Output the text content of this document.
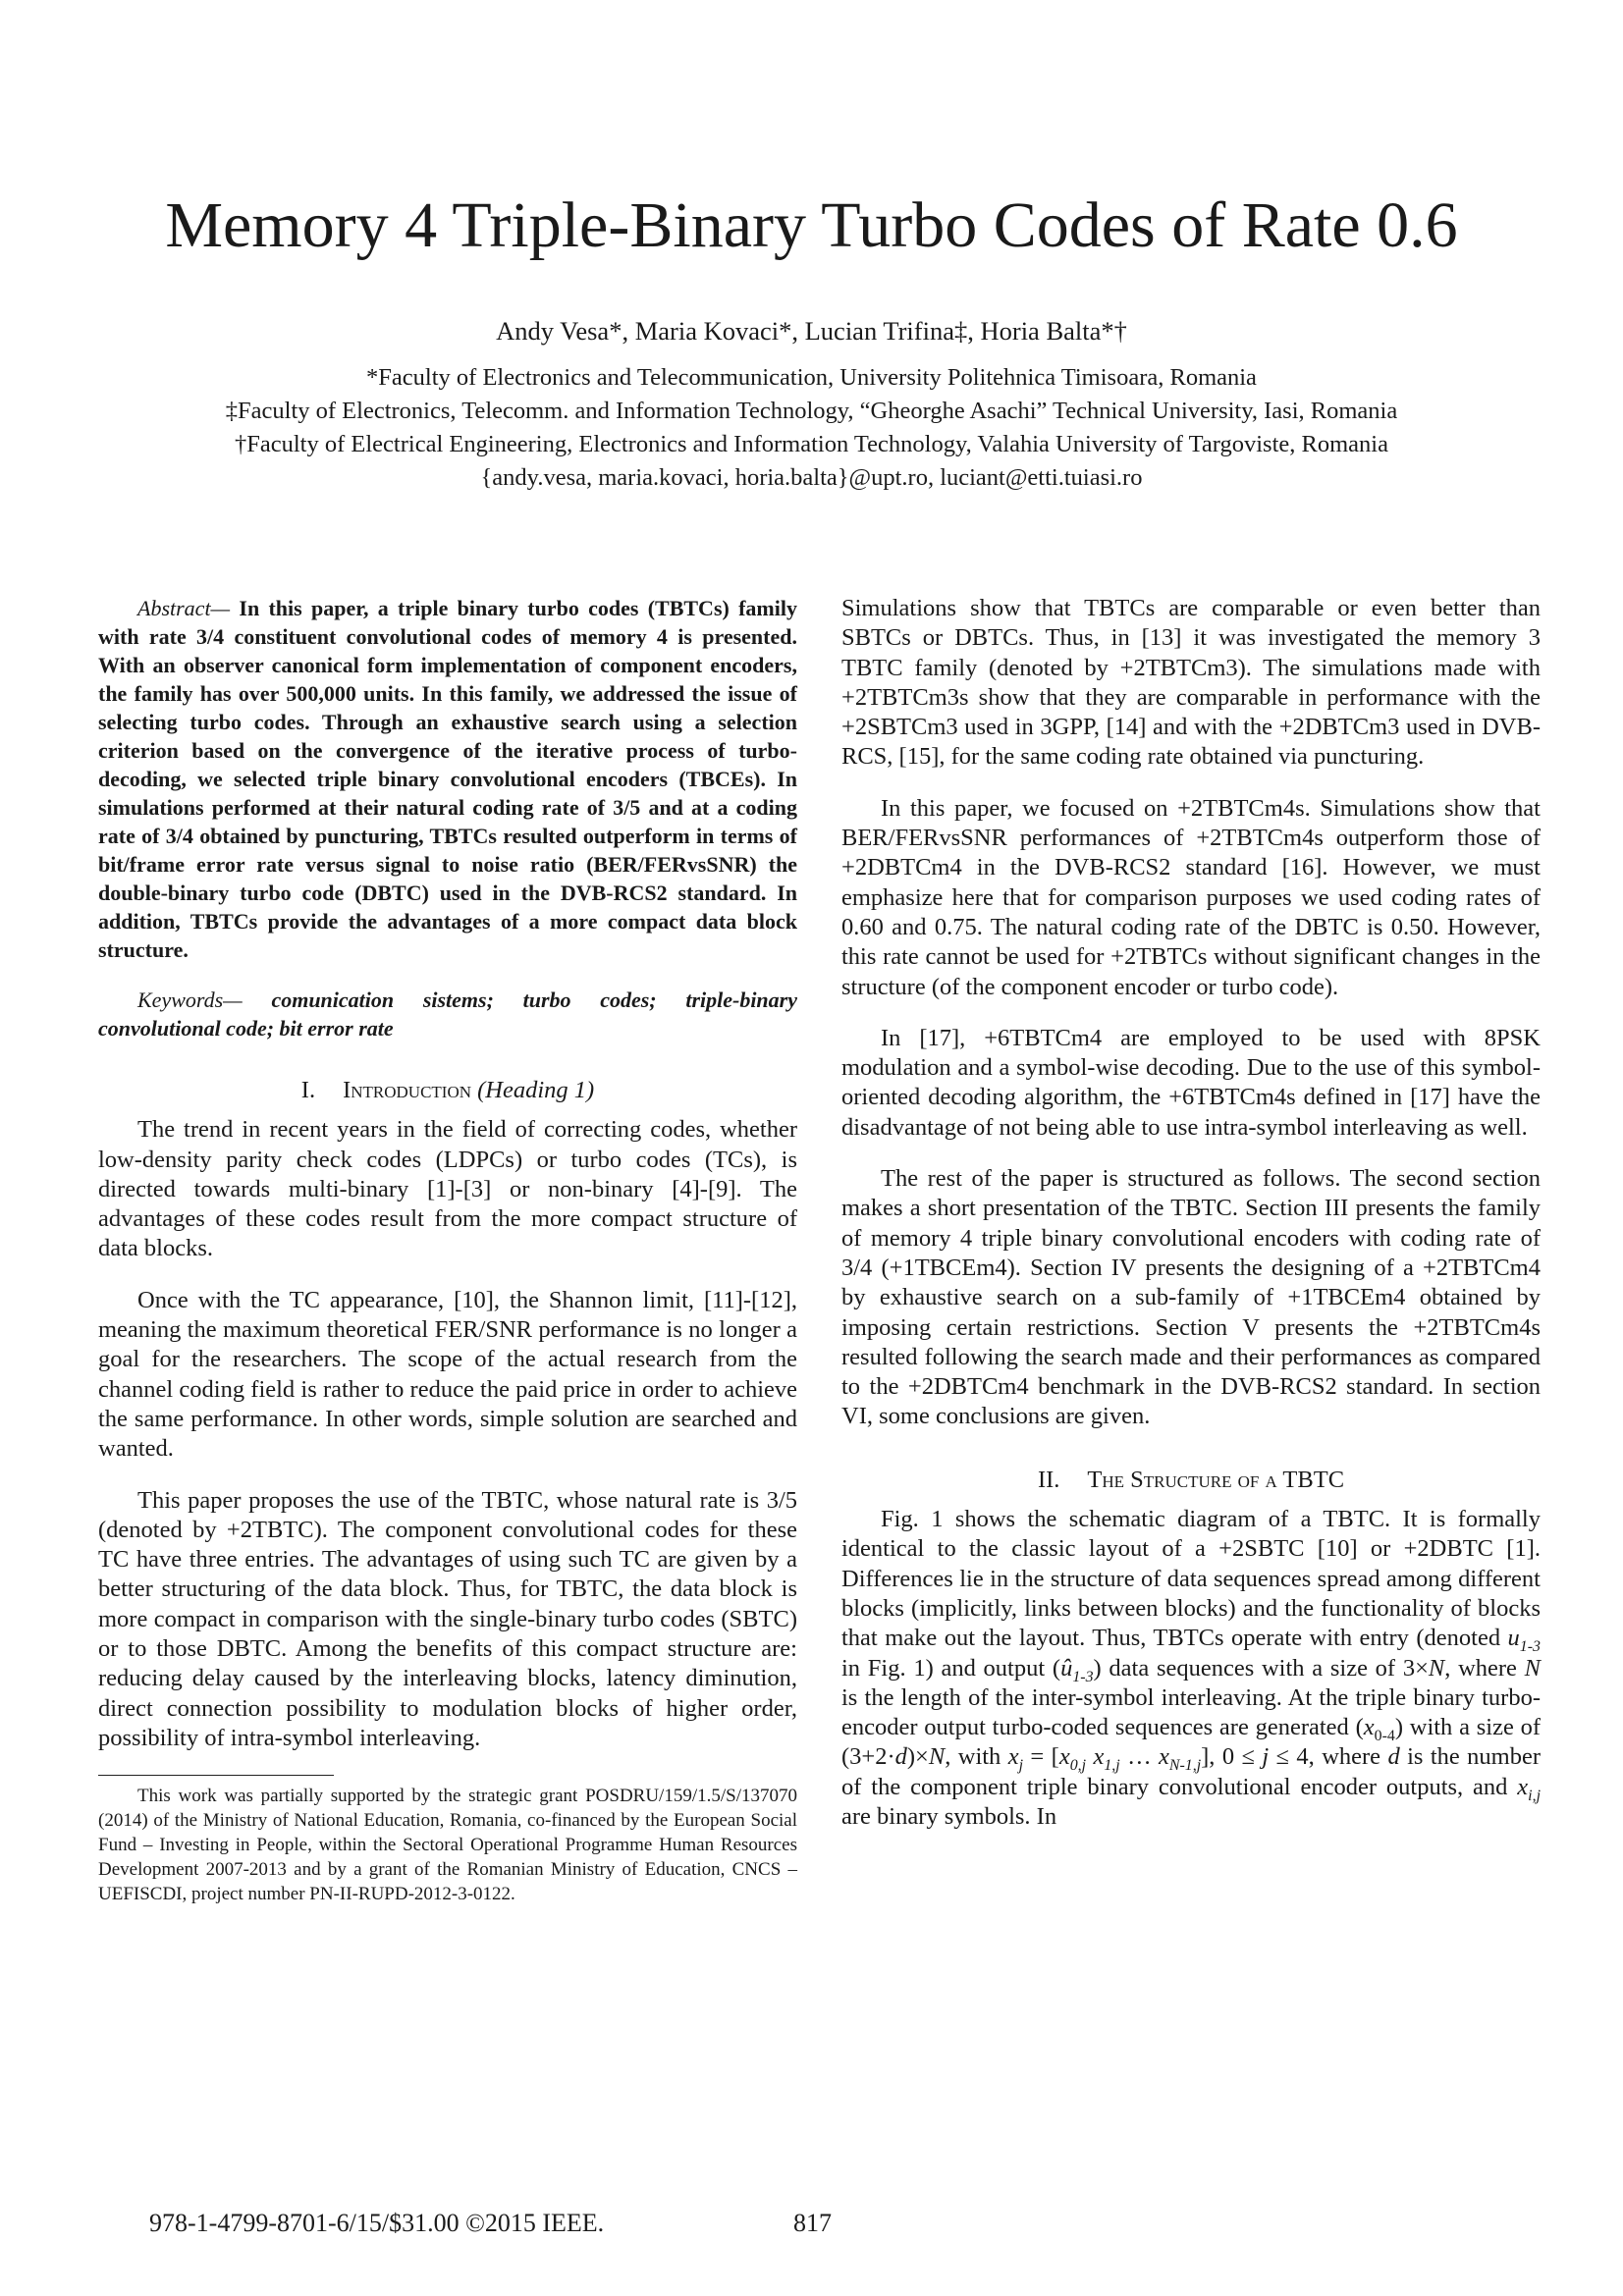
Memory 4 Triple-Binary Turbo Codes of Rate 0.6

Andy Vesa*, Maria Kovaci*, Lucian Trifina‡, Horia Balta*†

*Faculty of Electronics and Telecommunication, University Politehnica Timisoara, Romania

‡Faculty of Electronics, Telecomm. and Information Technology, “Gheorghe Asachi” Technical University, Iasi, Romania

†Faculty of Electrical Engineering, Electronics and Information Technology, Valahia University of Targoviste, Romania

{andy.vesa, maria.kovaci, horia.balta}@upt.ro, luciant@etti.tuiasi.ro

Abstract— In this paper, a triple binary turbo codes (TBTCs) family with rate 3/4 constituent convolutional codes of memory 4 is presented. With an observer canonical form implementation of component encoders, the family has over 500,000 units. In this family, we addressed the issue of selecting turbo codes. Through an exhaustive search using a selection criterion based on the convergence of the iterative process of turbo-decoding, we selected triple binary convolutional encoders (TBCEs). In simulations performed at their natural coding rate of 3/5 and at a coding rate of 3/4 obtained by puncturing, TBTCs resulted outperform in terms of bit/frame error rate versus signal to noise ratio (BER/FERvsSNR) the double-binary turbo code (DBTC) used in the DVB-RCS2 standard. In addition, TBTCs provide the advantages of a more compact data block structure.

Keywords— comunication sistems; turbo codes; triple-binary convolutional code; bit error rate

I. Introduction (Heading 1)

The trend in recent years in the field of correcting codes, whether low-density parity check codes (LDPCs) or turbo codes (TCs), is directed towards multi-binary [1]-[3] or non-binary [4]-[9]. The advantages of these codes result from the more compact structure of data blocks.

Once with the TC appearance, [10], the Shannon limit, [11]-[12], meaning the maximum theoretical FER/SNR performance is no longer a goal for the researchers. The scope of the actual research from the channel coding field is rather to reduce the paid price in order to achieve the same performance. In other words, simple solution are searched and wanted.

This paper proposes the use of the TBTC, whose natural rate is 3/5 (denoted by +2TBTC). The component convolutional codes for these TC have three entries. The advantages of using such TC are given by a better structuring of the data block. Thus, for TBTC, the data block is more compact in comparison with the single-binary turbo codes (SBTC) or to those DBTC. Among the benefits of this compact structure are: reducing delay caused by the interleaving blocks, latency diminution, direct connection possibility to modulation blocks of higher order, possibility of intra-symbol interleaving.

This work was partially supported by the strategic grant POSDRU/159/1.5/S/137070 (2014) of the Ministry of National Education, Romania, co-financed by the European Social Fund – Investing in People, within the Sectoral Operational Programme Human Resources Development 2007-2013 and by a grant of the Romanian Ministry of Education, CNCS – UEFISCDI, project number PN-II-RUPD-2012-3-0122.

Simulations show that TBTCs are comparable or even better than SBTCs or DBTCs. Thus, in [13] it was investigated the memory 3 TBTC family (denoted by +2TBTCm3). The simulations made with +2TBTCm3s show that they are comparable in performance with the +2SBTCm3 used in 3GPP, [14] and with the +2DBTCm3 used in DVB-RCS, [15], for the same coding rate obtained via puncturing.

In this paper, we focused on +2TBTCm4s. Simulations show that BER/FERvsSNR performances of +2TBTCm4s outperform those of +2DBTCm4 in the DVB-RCS2 standard [16]. However, we must emphasize here that for comparison purposes we used coding rates of 0.60 and 0.75. The natural coding rate of the DBTC is 0.50. However, this rate cannot be used for +2TBTCs without significant changes in the structure (of the component encoder or turbo code).

In [17], +6TBTCm4 are employed to be used with 8PSK modulation and a symbol-wise decoding. Due to the use of this symbol-oriented decoding algorithm, the +6TBTCm4s defined in [17] have the disadvantage of not being able to use intra-symbol interleaving as well.

The rest of the paper is structured as follows. The second section makes a short presentation of the TBTC. Section III presents the family of memory 4 triple binary convolutional encoders with coding rate of 3/4 (+1TBCEm4). Section IV presents the designing of a +2TBTCm4 by exhaustive search on a sub-family of +1TBCEm4 obtained by imposing certain restrictions. Section V presents the +2TBTCm4s resulted following the search made and their performances as compared to the +2DBTCm4 benchmark in the DVB-RCS2 standard. In section VI, some conclusions are given.

II. The Structure of a TBTC

Fig. 1 shows the schematic diagram of a TBTC. It is formally identical to the classic layout of a +2SBTC [10] or +2DBTC [1]. Differences lie in the structure of data sequences spread among different blocks (implicitly, links between blocks) and the functionality of blocks that make out the layout. Thus, TBTCs operate with entry (denoted $u_{1-3}$ in Fig. 1) and output $(û_{1-3})$ data sequences with a size of 3×N, where N is the length of the inter-symbol interleaving. At the triple binary turbo-encoder output turbo-coded sequences are generated $(x_{0-4})$ with a size of (3+2·d)×N, with $x_j = [x_{0,j}$ $x_{1,j}$ … $x_{N-1,j}$], 0 ≤ j ≤ 4, where d is the number of the component triple binary convolutional encoder outputs, and $x_{i,j}$ are binary symbols. In

978-1-4799-8701-6/15/$31.00 ©2015 IEEE.	817
